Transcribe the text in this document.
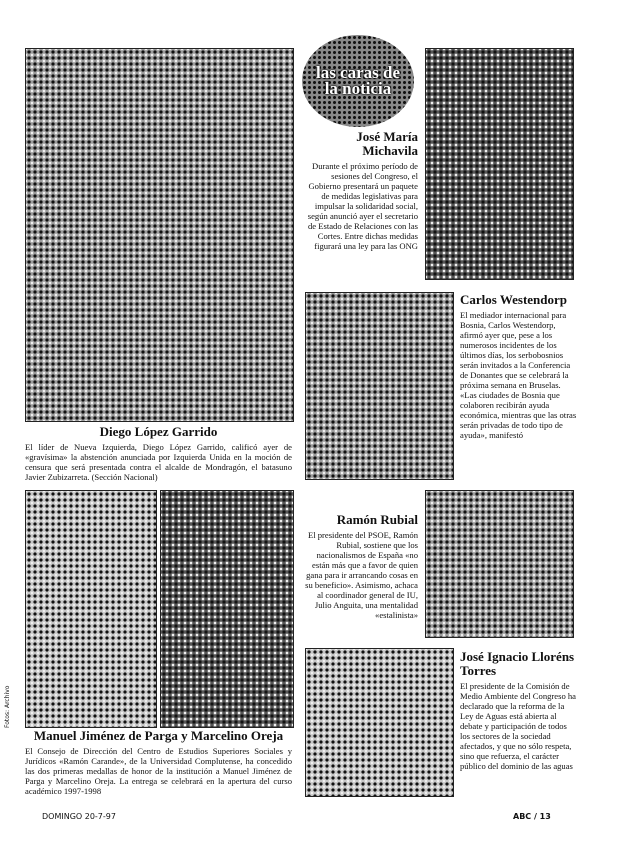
las caras de la noticia
José María Michavila
Durante el próximo período de sesiones del Congreso, el Gobierno presentará un paquete de medidas legislativas para impulsar la solidaridad social, según anunció ayer el secretario de Estado de Relaciones con las Cortes. Entre dichas medidas figurará una ley para las ONG
Carlos Westendorp
El mediador internacional para Bosnia, Carlos Westendorp, afirmó ayer que, pese a los numerosos incidentes de los últimos días, los serbobosnios serán invitados a la Conferencia de Donantes que se celebrará la próxima semana en Bruselas. «Las ciudades de Bosnia que colaboren recibirán ayuda económica, mientras que las otras serán privadas de todo tipo de ayuda», manifestó
Diego López Garrido
El líder de Nueva Izquierda, Diego López Garrido, calificó ayer de «gravísima» la abstención anunciada por Izquierda Unida en la moción de censura que será presentada contra el alcalde de Mondragón, el batasuno Javier Zubizarreta. (Sección Nacional)
Fotos: Archivo
Ramón Rubial
El presidente del PSOE, Ramón Rubial, sostiene que los nacionalismos de España «no están más que a favor de quien gana para ir arrancando cosas en su beneficio». Asimismo, achaca al coordinador general de IU, Julio Anguita, una mentalidad «estalinista»
José Ignacio Lloréns Torres
El presidente de la Comisión de Medio Ambiente del Congreso ha declarado que la reforma de la Ley de Aguas está abierta al debate y participación de todos los sectores de la sociedad afectados, y que no sólo respeta, sino que refuerza, el carácter público del dominio de las aguas
Manuel Jiménez de Parga y Marcelino Oreja
El Consejo de Dirección del Centro de Estudios Superiores Sociales y Jurídicos «Ramón Carande», de la Universidad Complutense, ha concedido las dos primeras medallas de honor de la institución a Manuel Jiménez de Parga y Marcelino Oreja. La entrega se celebrará en la apertura del curso académico 1997-1998
DOMINGO 20-7-97	ABC / 13
